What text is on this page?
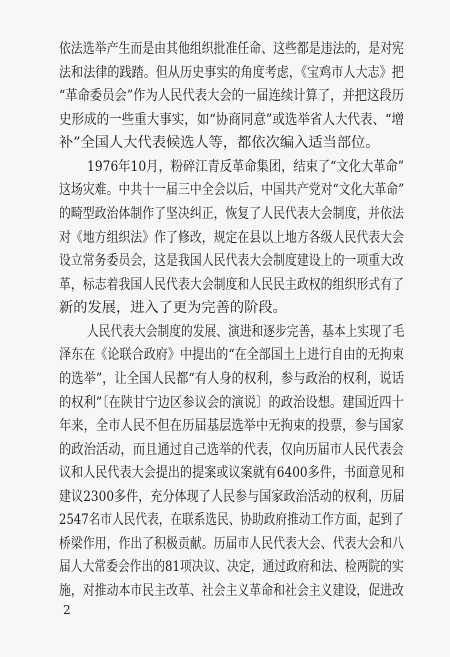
依法选举产生而是由其他组织批准任命、这些都是违法的，是对宪
法和法律的践踏。但从历史事实的角度考虑，《宝鸡市人大志》把
“革命委员会”作为人民代表大会的一届连续计算了，并把这段历
史形成的一些重大事实，如“协商同意”或选举省人大代表、“增
补”全国人大代表候选人等，都依次编入适当部位。
1976年10月，粉碎江青反革命集团，结束了“文化大革命”
这场灾难。中共十一届三中全会以后，中国共产党对“文化大革命”
的畸型政治体制作了坚决纠正，恢复了人民代表大会制度，并依法
对《地方组织法》作了修改，规定在县以上地方各级人民代表大会
设立常务委员会，这是我国人民代表大会制度建设上的一项重大改
革，标志着我国人民代表大会制度和人民民主政权的组织形式有了
新的发展，进入了更为完善的阶段。
人民代表大会制度的发展、演进和逐步完善，基本上实现了毛
泽东在《论联合政府》中提出的“在全部国土上进行自由的无拘束
的选举”，让全国人民都“有人身的权利，参与政治的权利，说话
的权利”〔在陕甘宁边区参议会的演说〕的政治设想。建国近四十
年来，全市人民不但在历届基层选举中无拘束的投票，参与国家
的政治活动，而且通过自己选举的代表，仅向历届市人民代表会
议和人民代表大会提出的提案或议案就有6400多件，书面意见和
建议2300多件，充分体现了人民参与国家政治活动的权利，历届
2547名市人民代表，在联系选民、协助政府推动工作方面，起到了
桥梁作用，作出了积极贡献。历届市人民代表大会、代表大会和八
届人大常委会作出的81项决议、决定，通过政府和法、检两院的实
施，对推动本市民主改革、社会主义革命和社会主义建设，促进改
2
